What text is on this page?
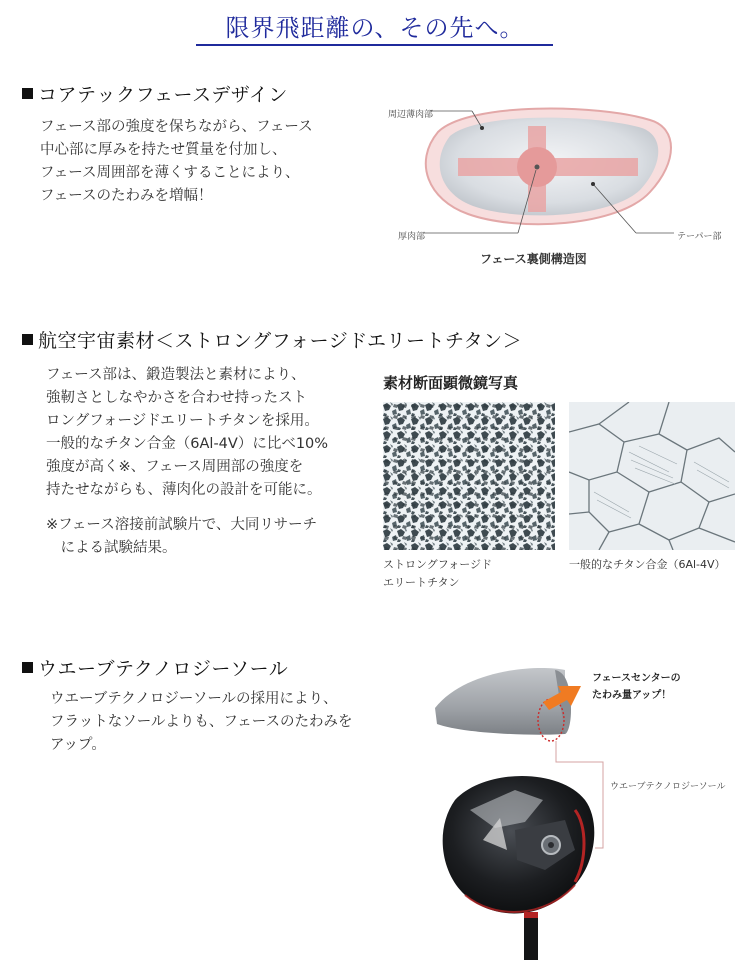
限界飛距離の、その先へ。
コアテックフェースデザイン
フェース部の強度を保ちながら、フェース
中心部に厚みを持たせ質量を付加し、
フェース周囲部を薄くすることにより、
フェースのたわみを増幅！
周辺薄肉部
厚肉部	テーパー部
フェース裏側構造図
航空宇宙素材＜ストロングフォージドエリートチタン＞
フェース部は、鍛造製法と素材により、
強靭さとしなやかさを合わせ持ったスト
ロングフォージドエリートチタンを採用。
一般的なチタン合金（6Al-4V）に比べ10%
強度が高く※、フェース周囲部の強度を
持たせながらも、薄肉化の設計を可能に。
※フェース溶接前試験片で、大同リサーチ
　による試験結果。
素材断面顕微鏡写真
ストロングフォージド
エリートチタン
一般的なチタン合金（6Al-4V）
ウエーブテクノロジーソール
ウエーブテクノロジーソールの採用により、
フラットなソールよりも、フェースのたわみを
アップ。
フェースセンターの
たわみ量アップ！
ウエーブテクノロジーソール
